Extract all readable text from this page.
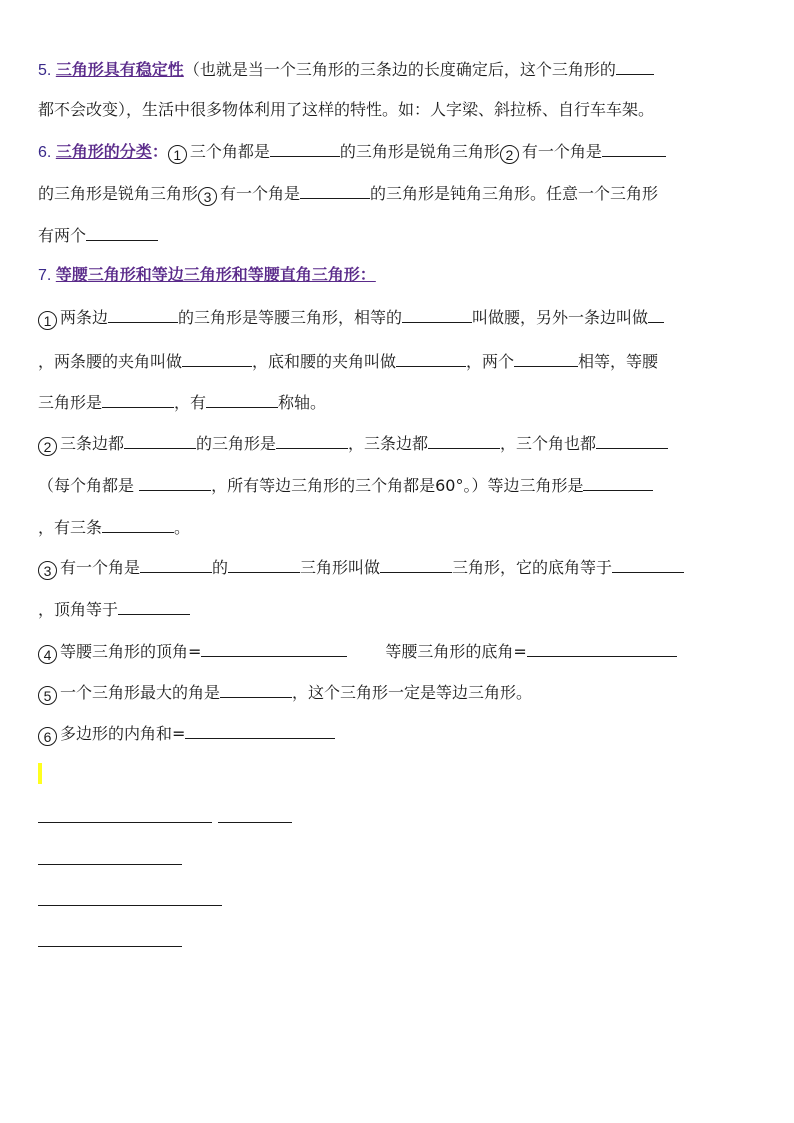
5. 三角形具有稳定性（也就是当一个三角形的三条边的长度确定后，这个三角形的
都不会改变），生活中很多物体利用了这样的特性。如：人字梁、斜拉桥、自行车车架。
6. 三角形的分类： 1 三个角都是	的三角形是锐角三角形 2 有一个角是
的三角形是锐角三角形 3 有一个角是	的三角形是钝角三角形。任意一个三角形
有两个
7. 等腰三角形和等边三角形和等腰直角三角形：
1 两条边	的三角形是等腰三角形，相等的	叫做腰，另外一条边叫做
，两条腰的夹角叫做	，底和腰的夹角叫做	，两个	相等，等腰
三角形是	，有	称轴。
2 三条边都	的三角形是	，三条边都	，三个角也都
（每个角都是	，所有等边三角形的三个角都是60°。）等边三角形是
，有三条	。
3 有一个角是	的	三角形叫做	三角形，它的底角等于
，顶角等于
4 等腰三角形的顶角=	等腰三角形的底角=
5 一个三角形最大的角是	，这个三角形一定是等边三角形。
6 多边形的内角和=
